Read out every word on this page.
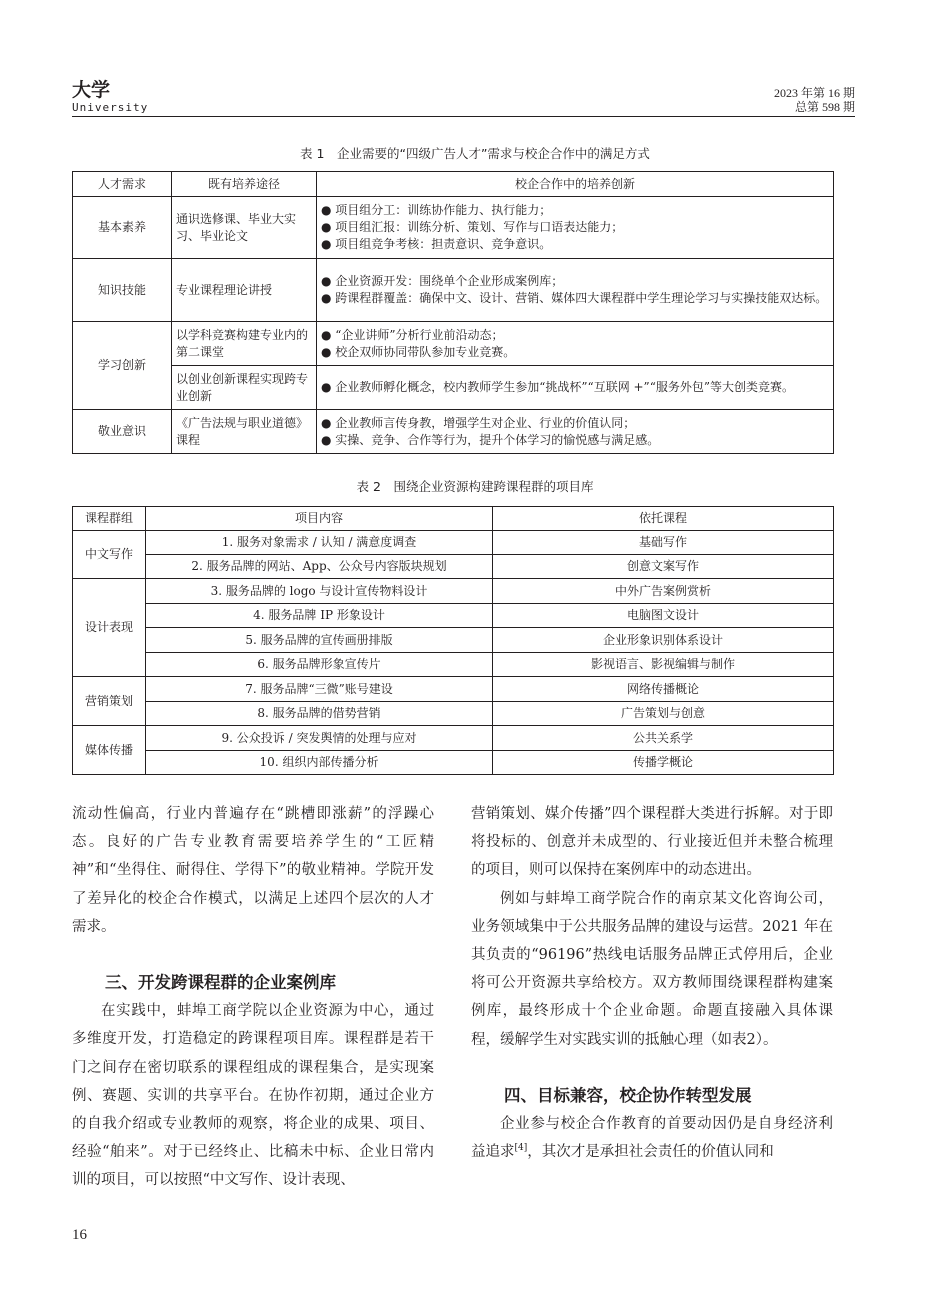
大学
University
2023 年第 16 期
总第 598 期
表 1　企业需要的“四级广告人才”需求与校企合作中的满足方式
人才需求	既有培养途径	校企合作中的培养创新
基本素养	通识选修课、毕业大实习、毕业论文	● 项目组分工：训练协作能力、执行能力；
● 项目组汇报：训练分析、策划、写作与口语表达能力；
● 项目组竞争考核：担责意识、竞争意识。

知识技能	专业课程理论讲授	● 企业资源开发：围绕单个企业形成案例库；
● 跨课程群覆盖：确保中文、设计、营销、媒体四大课程群中学生理论学习与实操技能双达标。

学习创新	以学科竞赛构建专业内的第二课堂	● “企业讲师”分析行业前沿动态；
● 校企双师协同带队参加专业竞赛。

	以创业创新课程实现跨专业创新	● 企业教师孵化概念，校内教师学生参加“挑战杯”“互联网 +”“服务外包”等大创类竞赛。

敬业意识	《广告法规与职业道德》课程	● 企业教师言传身教，增强学生对企业、行业的价值认同；
● 实操、竞争、合作等行为，提升个体学习的愉悦感与满足感。
表 2　围绕企业资源构建跨课程群的项目库
课程群组	项目内容	依托课程
中文写作	1. 服务对象需求 / 认知 / 满意度调查	基础写作
	2. 服务品牌的网站、App、公众号内容版块规划	创意文案写作
设计表现	3. 服务品牌的 logo 与设计宣传物料设计	中外广告案例赏析
	4. 服务品牌 IP 形象设计	电脑图文设计
	5. 服务品牌的宣传画册排版	企业形象识别体系设计
	6. 服务品牌形象宣传片	影视语言、影视编辑与制作
营销策划	7. 服务品牌“三微”账号建设	网络传播概论
	8. 服务品牌的借势营销	广告策划与创意
媒体传播	9. 公众投诉 / 突发舆情的处理与应对	公共关系学
	10. 组织内部传播分析	传播学概论

流动性偏高，行业内普遍存在“跳槽即涨薪”的浮躁心态。良好的广告专业教育需要培养学生的“工匠精神”和“坐得住、耐得住、学得下”的敬业精神。学院开发了差异化的校企合作模式，以满足上述四个层次的人才需求。

三、开发跨课程群的企业案例库

在实践中，蚌埠工商学院以企业资源为中心，通过多维度开发，打造稳定的跨课程项目库。课程群是若干门之间存在密切联系的课程组成的课程集合，是实现案例、赛题、实训的共享平台。在协作初期，通过企业方的自我介绍或专业教师的观察，将企业的成果、项目、经验“舶来”。对于已经终止、比稿未中标、企业日常内训的项目，可以按照“中文写作、设计表现、

营销策划、媒介传播”四个课程群大类进行拆解。对于即将投标的、创意并未成型的、行业接近但并未整合梳理的项目，则可以保持在案例库中的动态进出。

例如与蚌埠工商学院合作的南京某文化咨询公司，业务领域集中于公共服务品牌的建设与运营。2021 年在其负责的“96196”热线电话服务品牌正式停用后，企业将可公开资源共享给校方。双方教师围绕课程群构建案例库，最终形成十个企业命题。命题直接融入具体课程，缓解学生对实践实训的抵触心理（如表2）。

四、目标兼容，校企协作转型发展

企业参与校企合作教育的首要动因仍是自身经济利益追求[4]，其次才是承担社会责任的价值认同和

16
